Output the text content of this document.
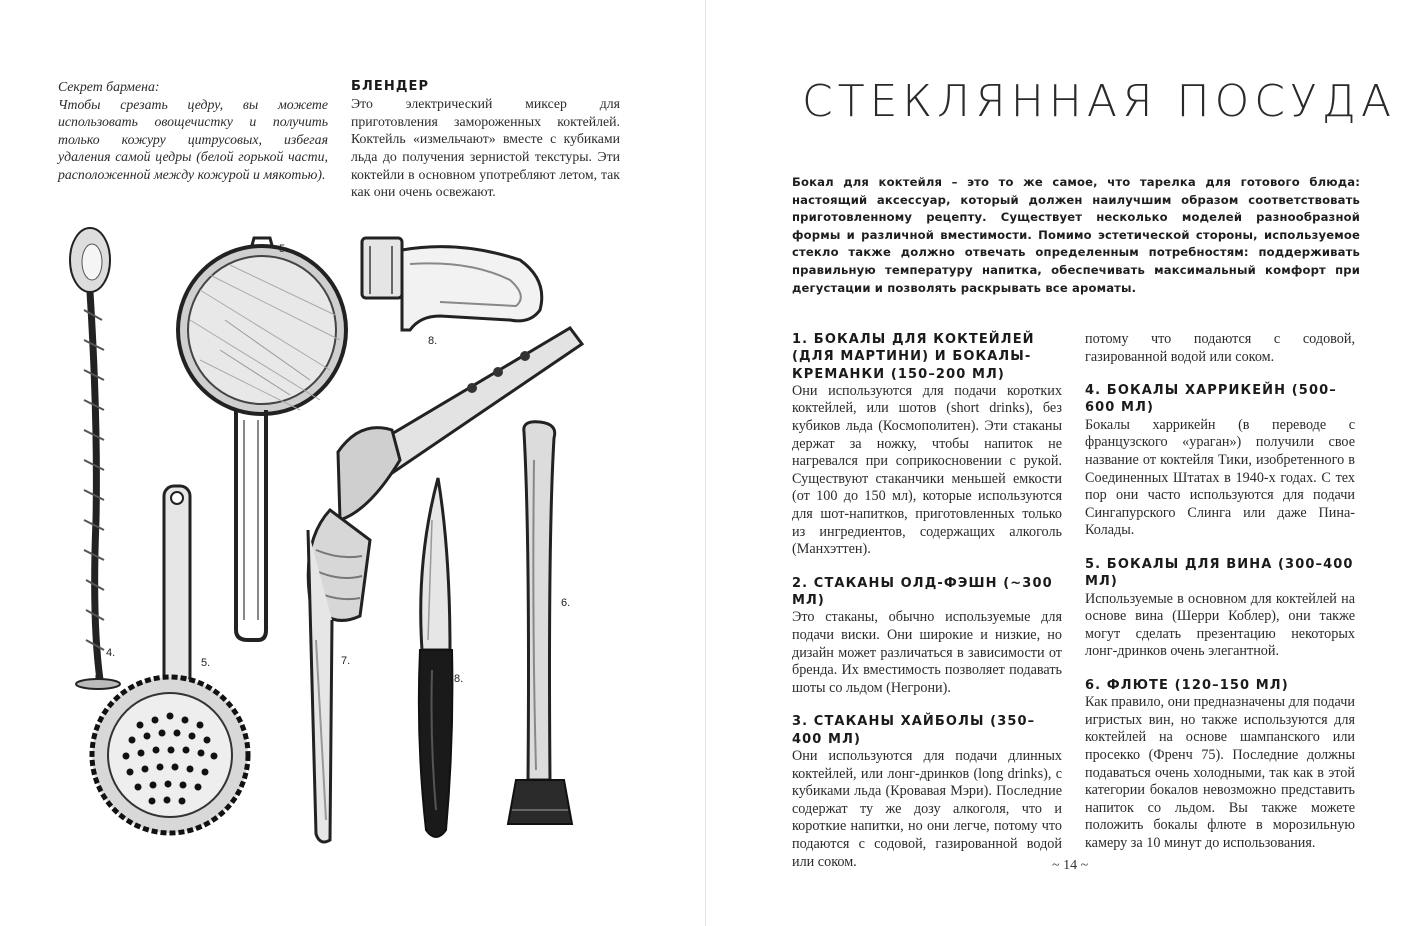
Секрет бармена:
Чтобы срезать цедру, вы можете использовать овощечистку и получить только кожуру цитрусовых, избегая удаления самой цедры (белой горькой части, расположенной между кожурой и мякотью).
БЛЕНДЕР
Это электрический миксер для приготовления замороженных коктейлей. Коктейль «измельчают» вместе с кубиками льда до получения зернистой текстуры. Эти коктейли в основном употребляют летом, так как они очень освежают.
4.
5.
5.
8.
7.
8.
6.
СТЕКЛЯННАЯ ПОСУДА
Бокал для коктейля – это то же самое, что тарелка для готового блюда: настоящий аксессуар, который должен наилучшим образом соответствовать приготовленному рецепту. Существует несколько моделей разнообразной формы и различной вместимости. Помимо эстетической стороны, используемое стекло также должно отвечать определенным потребностям: поддерживать правильную температуру напитка, обеспечивать максимальный комфорт при дегустации и позволять раскрывать все ароматы.
1. БОКАЛЫ ДЛЯ КОКТЕЙЛЕЙ (ДЛЯ МАРТИНИ) И БОКАЛЫ-КРЕМАНКИ (150–200 МЛ)
Они используются для подачи коротких коктейлей, или шотов (short drinks), без кубиков льда (Космополитен). Эти стаканы держат за ножку, чтобы напиток не нагревался при соприкосновении с рукой. Существуют стаканчики меньшей емкости (от 100 до 150 мл), которые используются для шот-напитков, приготовленных только из ингредиентов, содержащих алкоголь (Манхэттен).
2. СТАКАНЫ ОЛД-ФЭШН (~300 МЛ)
Это стаканы, обычно используемые для подачи виски. Они широкие и низкие, но дизайн может различаться в зависимости от бренда. Их вместимость позволяет подавать шоты со льдом (Негрони).
3. СТАКАНЫ ХАЙБОЛЫ (350–400 МЛ)
Они используются для подачи длинных коктейлей, или лонг-дринков (long drinks), с кубиками льда (Кровавая Мэри). Последние содержат ту же дозу алкоголя, что и короткие напитки, но они легче, потому что подаются с содовой, газированной водой или соком.
потому что подаются с содовой, газированной водой или соком.
4. БОКАЛЫ ХАРРИКЕЙН (500–600 МЛ)
Бокалы харрикейн (в переводе с французского «ураган») получили свое название от коктейля Тики, изобретенного в Соединенных Штатах в 1940-х годах. С тех пор они часто используются для подачи Сингапурского Слинга или даже Пина-Колады.
5. БОКАЛЫ ДЛЯ ВИНА (300–400 МЛ)
Используемые в основном для коктейлей на основе вина (Шерри Коблер), они также могут сделать презентацию некоторых лонг-дринков очень элегантной.
6. ФЛЮТЕ (120–150 МЛ)
Как правило, они предназначены для подачи игристых вин, но также используются для коктейлей на основе шампанского или просекко (Френч 75). Последние должны подаваться очень холодными, так как в этой категории бокалов невозможно представить напиток со льдом. Вы также можете положить бокалы флюте в морозильную камеру за 10 минут до использования.
~ 14 ~
